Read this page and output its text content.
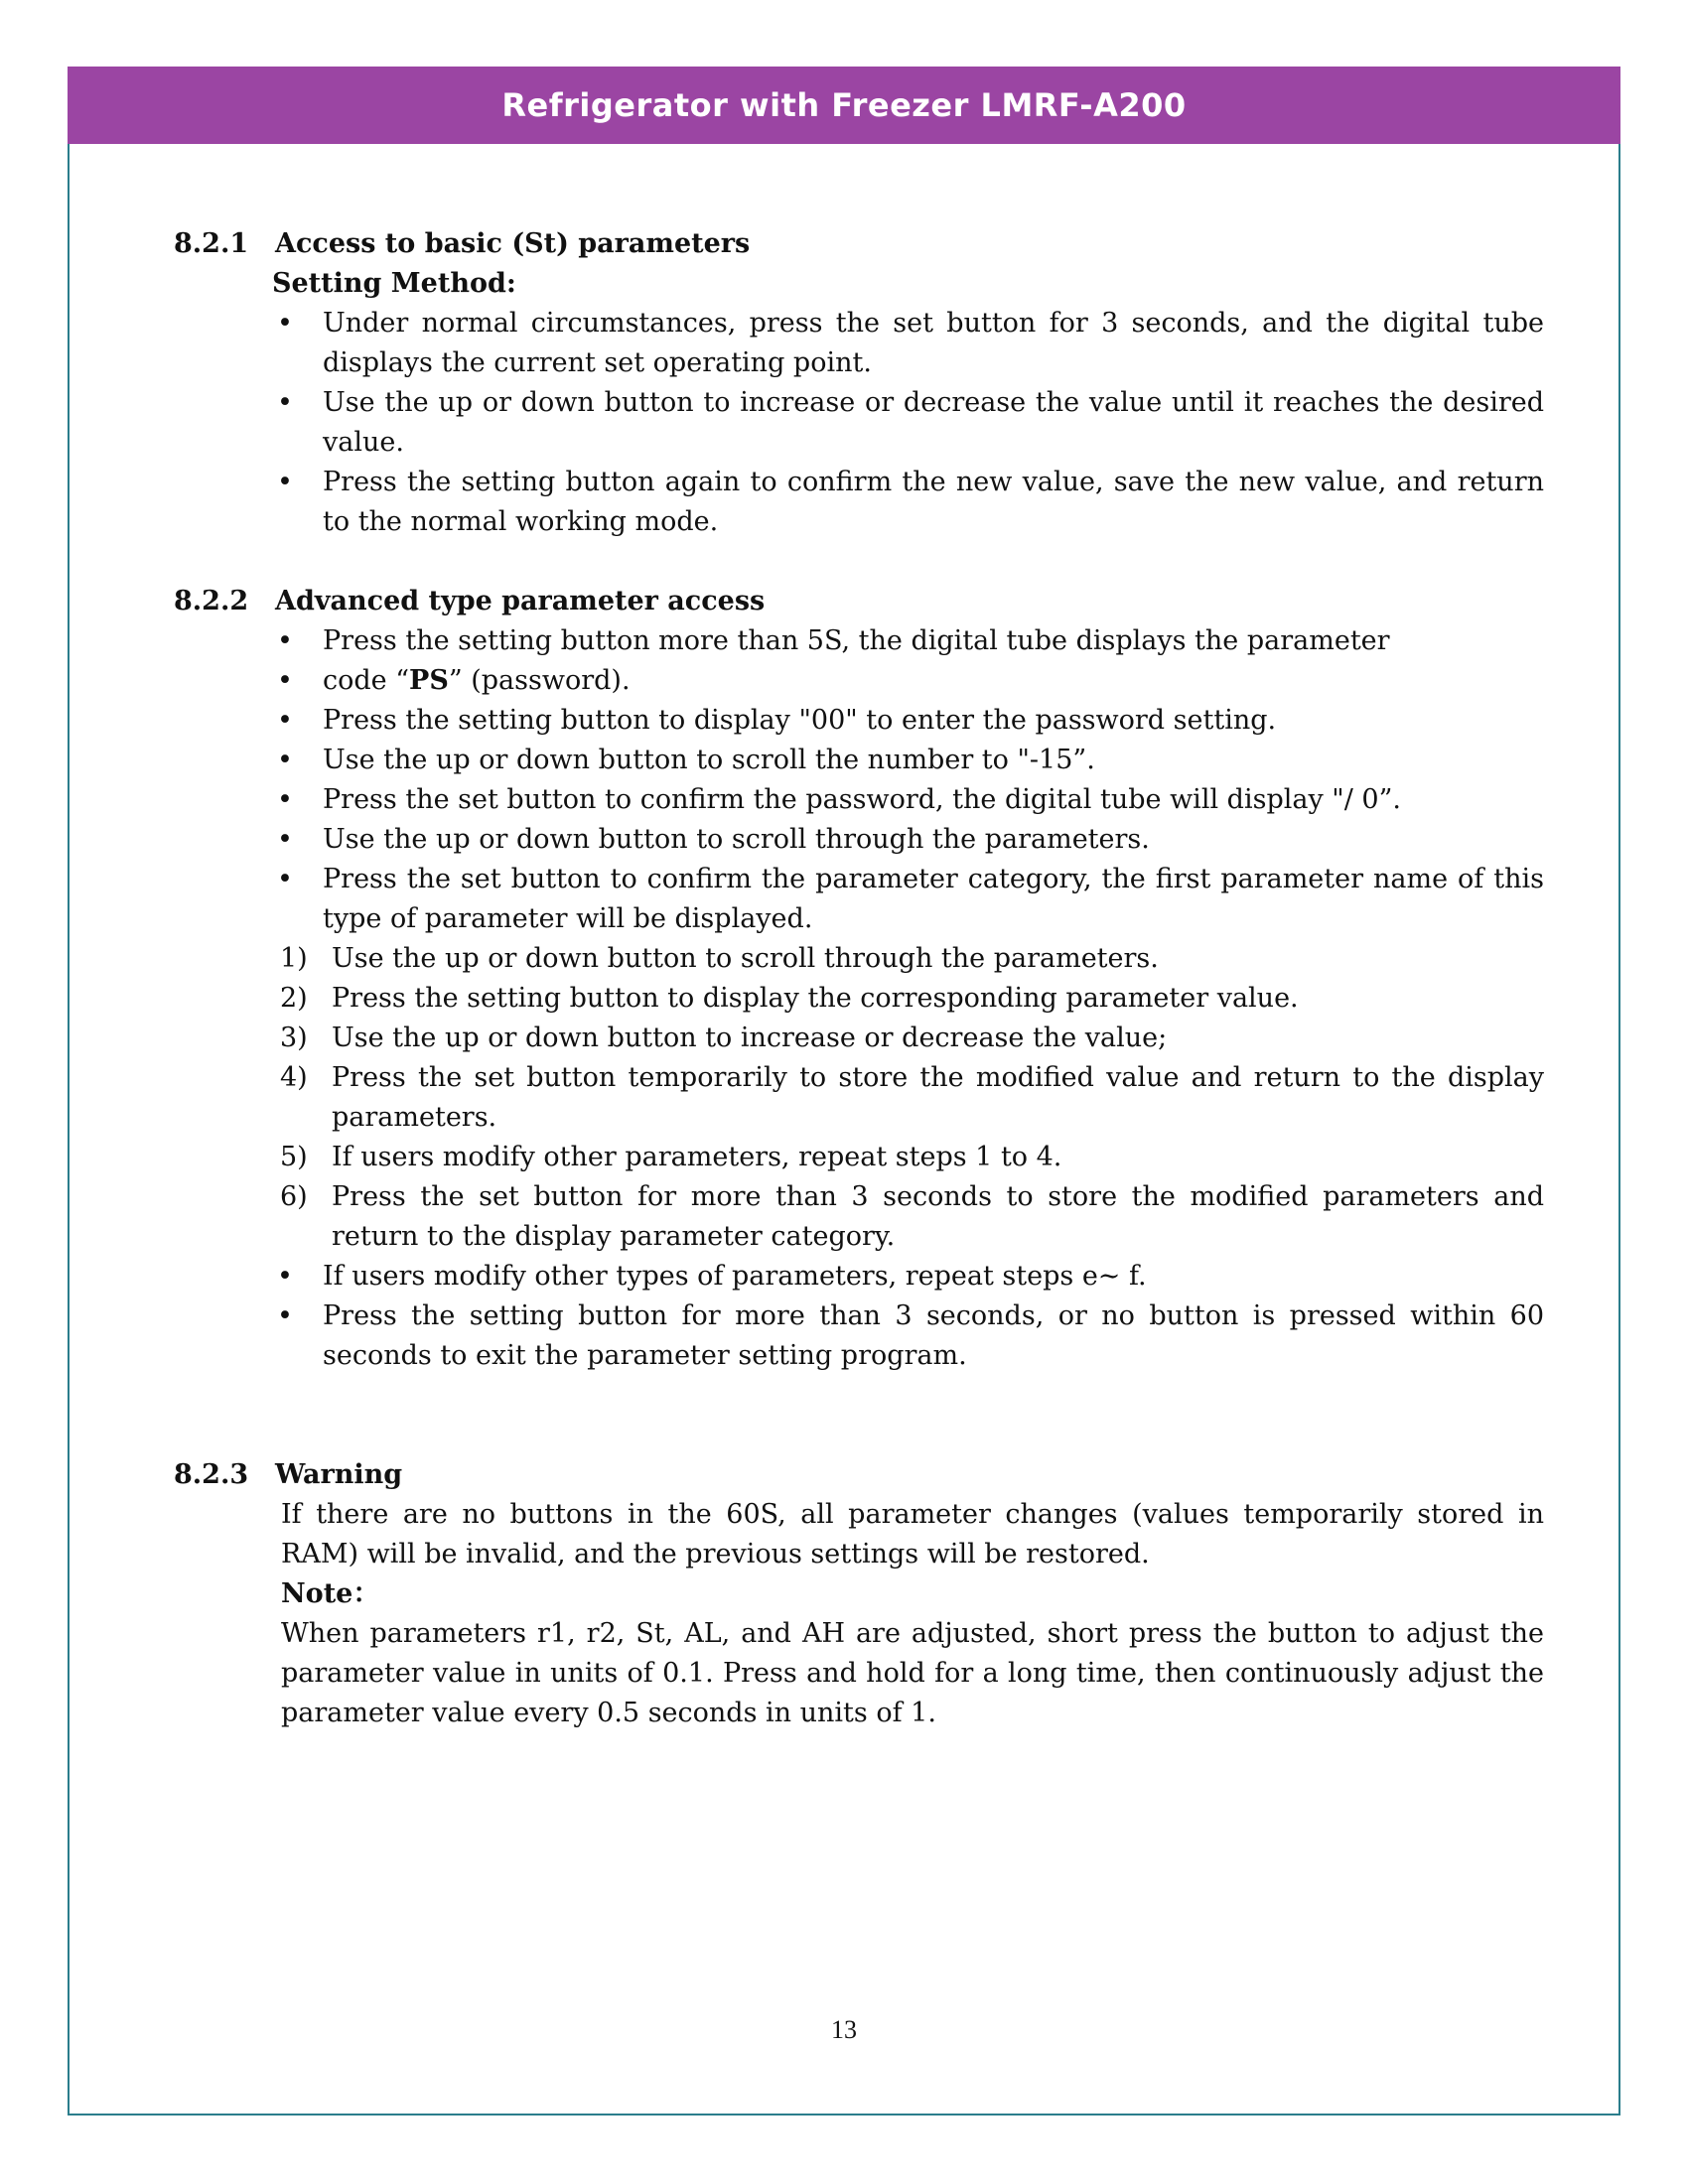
Refrigerator with Freezer LMRF-A200

8.2.1 Access to basic (St) parameters

Setting Method:

• Under normal circumstances, press the set button for 3 seconds, and the digital tube displays the current set operating point.
• Use the up or down button to increase or decrease the value until it reaches the desired value.
• Press the setting button again to confirm the new value, save the new value, and return to the normal working mode.

8.2.2 Advanced type parameter access

• Press the setting button more than 5S, the digital tube displays the parameter
• code “PS” (password).
• Press the setting button to display "00" to enter the password setting.
• Use the up or down button to scroll the number to "-15”.
• Press the set button to confirm the password, the digital tube will display "/ 0”.
• Use the up or down button to scroll through the parameters.
• Press the set button to confirm the parameter category, the first parameter name of this type of parameter will be displayed.
1) Use the up or down button to scroll through the parameters.
2) Press the setting button to display the corresponding parameter value.
3) Use the up or down button to increase or decrease the value;
4) Press the set button temporarily to store the modified value and return to the display parameters.
5) If users modify other parameters, repeat steps 1 to 4.
6) Press the set button for more than 3 seconds to store the modified parameters and return to the display parameter category.
• If users modify other types of parameters, repeat steps e∼ f.
• Press the setting button for more than 3 seconds, or no button is pressed within 60 seconds to exit the parameter setting program.

8.2.3 Warning

If there are no buttons in the 60S, all parameter changes (values temporarily stored in RAM) will be invalid, and the previous settings will be restored.

Note：

When parameters r1, r2, St, AL, and AH are adjusted, short press the button to adjust the parameter value in units of 0.1. Press and hold for a long time, then continuously adjust the parameter value every 0.5 seconds in units of 1.

13
